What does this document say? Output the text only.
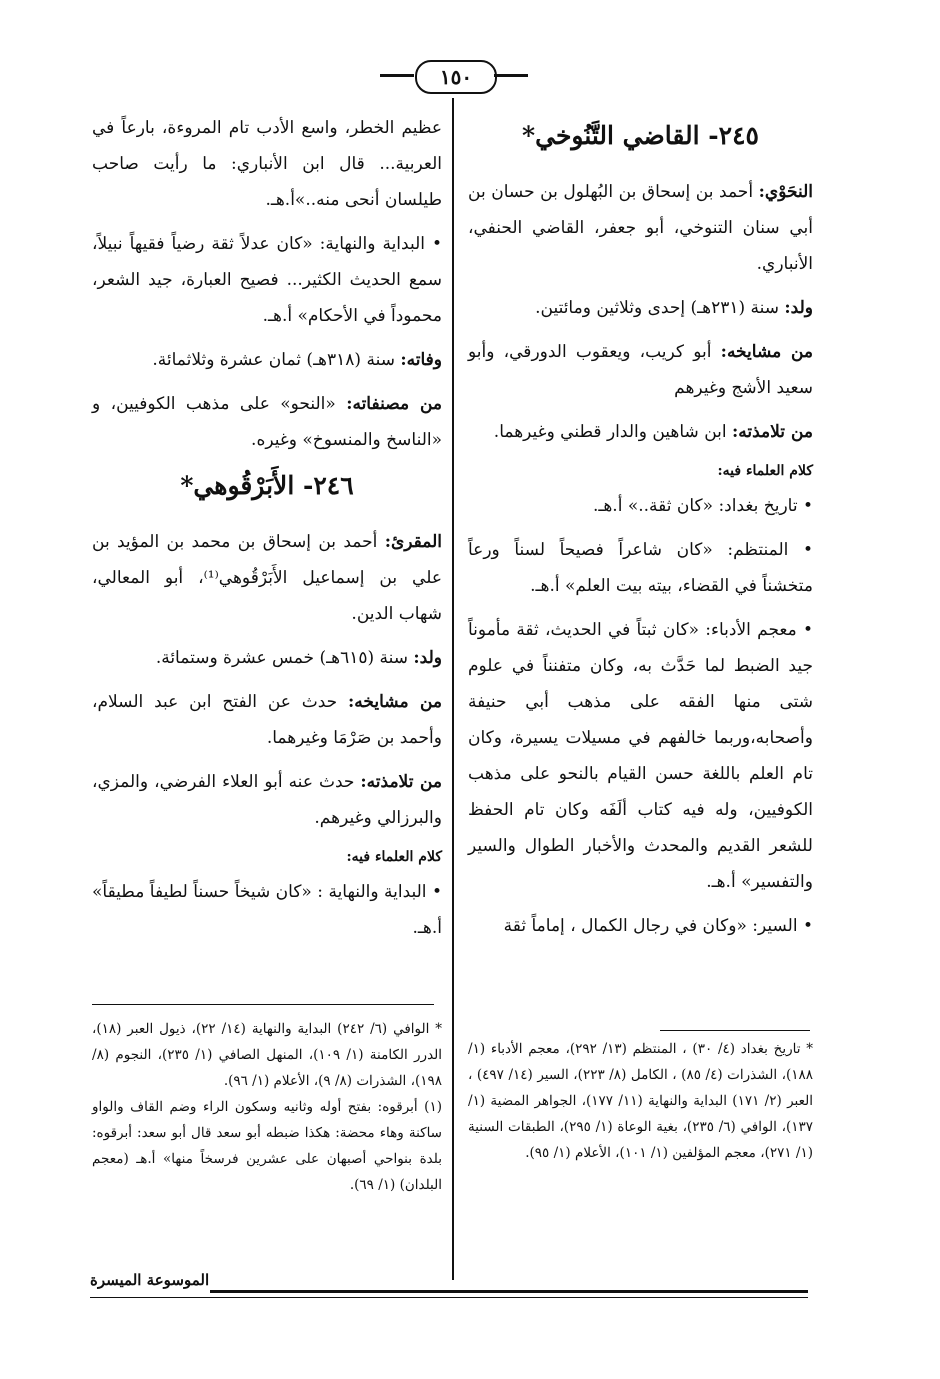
١٥٠
٢٤٥- القاضي التَّنُوخي*

النحَوْي: أحمد بن إسحاق بن البُهلول بن حسان بن أبي سنان التنوخي، أبو جعفر، القاضي الحنفي، الأنباري.

ولد: سنة (٢٣١هـ) إحدى وثلاثين ومائتين.

من مشايخه: أبو كريب، ويعقوب الدورقي، وأبو سعيد الأشج وغيرهم

من تلامذته: ابن شاهين والدار قطني وغيرهما.

كلام العلماء فيه:

• تاريخ بغداد: «كان ثقة..» أ.هـ.

• المنتظم: «كان شاعراً فصيحاً لسناً ورعاً متخشناً في القضاء، بيته بيت العلم» أ.هـ.

• معجم الأدباء: «كان ثبتاً في الحديث، ثقة مأموناً جيد الضبط لما حَدَّث به، وكان متفنناً في علوم شتى منها الفقه على مذهب أبي حنيفة وأصحابه،وربما خالفهم في مسيلات يسيرة، وكان تام العلم باللغة حسن القيام بالنحو على مذهب الكوفيين، وله فيه كتاب ألَفَه وكان تام الحفظ للشعر القديم والمحدث والأخبار الطوال والسير والتفسير» أ.هـ.

• السير: «وكان في رجال الكمال ، إماماً ثقة

* تاريخ بغداد (٤/ ٣٠) ، المنتظم (١٣/ ٢٩٢)، معجم الأدباء (١/ ١٨٨)، الشذرات (٤/ ٨٥) ، الكامل (٨/ ٢٢٣)، السير (١٤/ ٤٩٧) ، العبر (٢/ ١٧١) البداية والنهاية (١١/ ١٧٧)، الجواهر المضية (١/ ١٣٧)، الوافي (٦/ ٢٣٥)، بغية الوعاة (١/ ٢٩٥)، الطبقات السنية (١/ ٢٧١)، معجم المؤلفين (١/ ١٠١)، الأعلام (١/ ٩٥).

عظيم الخطر، واسع الأدب تام المروءة، بارعاً في العربية... قال ابن الأنباري: ما رأيت صاحب طيلسان أنحى منه..»أ.هـ.

• البداية والنهاية: «كان عدلاً ثقة رضياً فقيهاً نبيلاً، سمع الحديث الكثير... فصيح العبارة، جيد الشعر، محموداً في الأحكام» أ.هـ.

وفاته: سنة (٣١٨هـ) ثمان عشرة وثلاثمائة.

من مصنفاته: «النحو» على مذهب الكوفيين، و «الناسخ والمنسوخ» وغيره.

٢٤٦- الأَبَرْقُوهي*

المقرئ: أحمد بن إسحاق بن محمد بن المؤيد بن علي بن إسماعيل الأَبَرْقُوهي⁽¹⁾، أبو المعالي، شهاب الدين.

ولد: سنة (٦١٥هـ) خمس عشرة وستمائة.

من مشايخه: حدث عن الفتح ابن عبد السلام، وأحمد بن صَرْمَا وغيرهما.

من تلامذته: حدث عنه أبو العلاء الفرضي، والمزي، والبرزالي وغيرهم.

كلام العلماء فيه:

• البداية والنهاية : «كان شيخاً حسناً لطيفاً مطيقاً» أ.هـ.

* الوافي (٦/ ٢٤٢) البداية والنهاية (١٤/ ٢٢)، ذيول العبر (١٨)، الدرر الكامنة (١/ ١٠٩)، المنهل الصافي (١/ ٢٣٥)، النجوم (٨/ ١٩٨)، الشذرات (٨/ ٩)، الأعلام (١/ ٩٦).

(١) أبرقوه: بفتح أوله وثانيه وسكون الراء وضم القاف والواو ساكنة وهاء محضة: هكذا ضبطه أبو سعد قال أبو سعد: أبرقوه: بلدة بنواحي أصبهان على عشرين فرسخاً منها» أ.هـ (معجم البلدان) (١/ ٦٩).

الموسوعة الميسرة
